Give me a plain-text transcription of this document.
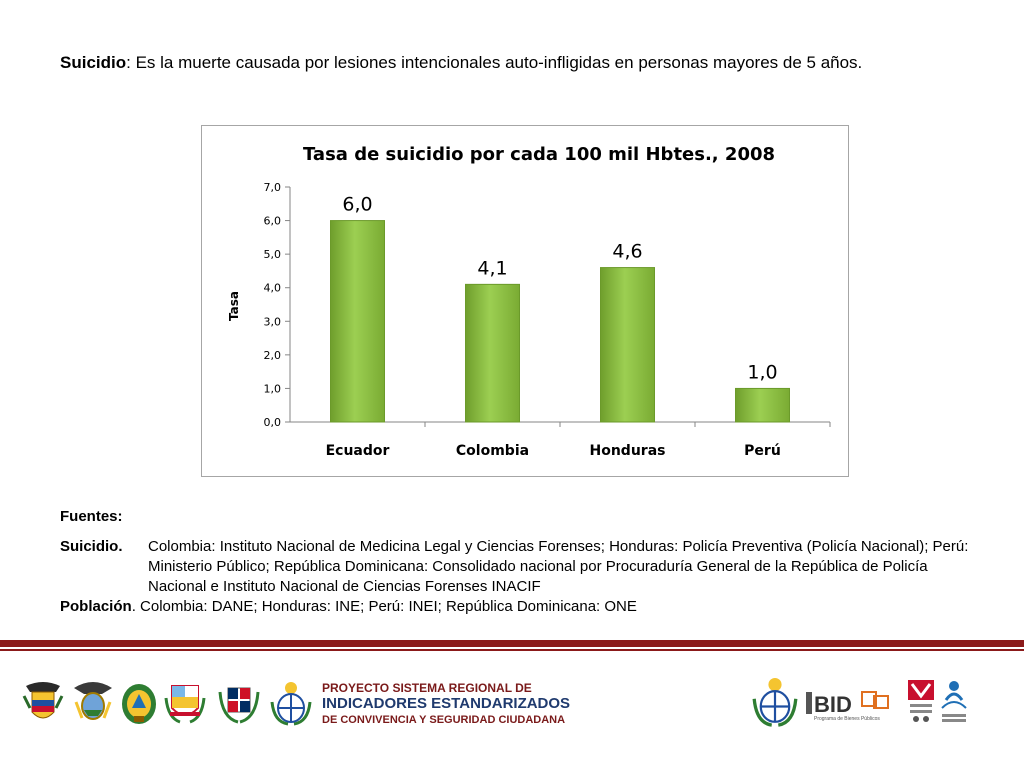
Suicidio: Es la muerte causada por lesiones intencionales auto-infligidas en personas mayores de 5 años.
Tasa de suicidio por cada 100 mil Hbtes., 2008
Tasa
0,0
1,0
2,0
3,0
4,0
5,0
6,0
7,0
6,0
Ecuador
4,1
Colombia
4,6
Honduras
1,0
Perú
Fuentes:
Suicidio.	Colombia: Instituto Nacional de Medicina Legal y Ciencias Forenses; Honduras: Policía Preventiva (Policía Nacional); Perú: Ministerio Público; República Dominicana: Consolidado nacional por Procuraduría General de la República de Policía Nacional e Instituto Nacional de Ciencias Forenses INACIF
Población. Colombia: DANE; Honduras: INE; Perú: INEI; República Dominicana: ONE
PROYECTO SISTEMA REGIONAL DE
INDICADORES ESTANDARIZADOS
DE CONVIVENCIA Y SEGURIDAD CIUDADANA
BID
Programa de Bienes Públicos
